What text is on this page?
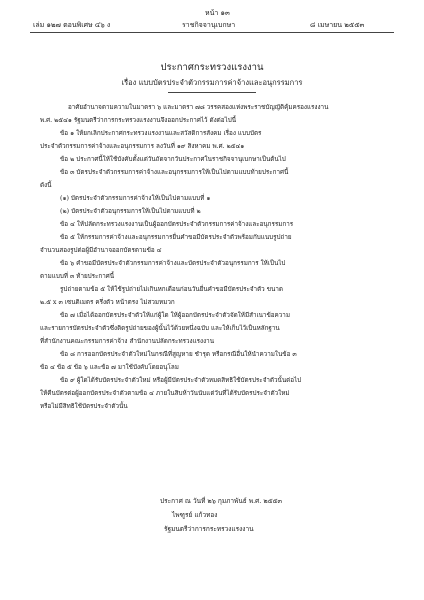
หน้า ๑๓
เล่ม ๑๒๗ ตอนพิเศษ ๔๖ ง	ราชกิจจานุเบกษา	๘ เมษายน ๒๕๕๓
ประกาศกระทรวงแรงงาน
เรื่อง แบบบัตรประจำตัวกรรมการค่าจ้างและอนุกรรมการ
อาศัยอำนาจตามความในมาตรา ๖ และมาตรา ๗๘ วรรคสองแห่งพระราชบัญญัติคุ้มครองแรงงาน
พ.ศ. ๒๕๔๑ รัฐมนตรีว่าการกระทรวงแรงงานจึงออกประกาศไว้ ดังต่อไปนี้
ข้อ ๑ ให้ยกเลิกประกาศกระทรวงแรงงานและสวัสดิการสังคม เรื่อง แบบบัตร
ประจำตัวกรรมการค่าจ้างและอนุกรรมการ ลงวันที่ ๑๙ สิงหาคม พ.ศ. ๒๕๔๑
ข้อ ๒ ประกาศนี้ให้ใช้บังคับตั้งแต่วันถัดจากวันประกาศในราชกิจจานุเบกษาเป็นต้นไป
ข้อ ๓ บัตรประจำตัวกรรมการค่าจ้างและอนุกรรมการให้เป็นไปตามแบบท้ายประกาศนี้
ดังนี้
(๑) บัตรประจำตัวกรรมการค่าจ้างให้เป็นไปตามแบบที่ ๑
(๒) บัตรประจำตัวอนุกรรมการให้เป็นไปตามแบบที่ ๒
ข้อ ๔ ให้ปลัดกระทรวงแรงงานเป็นผู้ออกบัตรประจำตัวกรรมการค่าจ้างและอนุกรรมการ
ข้อ ๕ ให้กรรมการค่าจ้างและอนุกรรมการยื่นคำขอมีบัตรประจำตัวพร้อมกับแนบรูปถ่าย
จำนวนสองรูปต่อผู้มีอำนาจออกบัตรตามข้อ ๔
ข้อ ๖ คำขอมีบัตรประจำตัวกรรมการค่าจ้างและบัตรประจำตัวอนุกรรมการ ให้เป็นไป
ตามแบบที่ ๓ ท้ายประกาศนี้
รูปถ่ายตามข้อ ๕ ให้ใช้รูปถ่ายไม่เกินหกเดือนก่อนวันยื่นคำขอมีบัตรประจำตัว ขนาด
๒.๕ x ๓ เซนติเมตร ครึ่งตัว หน้าตรง ไม่สวมหมวก
ข้อ ๗ เมื่อได้ออกบัตรประจำตัวให้แก่ผู้ใด ให้ผู้ออกบัตรประจำตัวจัดให้มีสำเนาข้อความ
และรายการบัตรประจำตัวซึ่งติดรูปถ่ายของผู้นั้นไว้ด้วยหนึ่งฉบับ และให้เก็บไว้เป็นหลักฐาน
ที่สำนักงานคณะกรรมการค่าจ้าง สำนักงานปลัดกระทรวงแรงงาน
ข้อ ๘ การออกบัตรประจำตัวใหม่ในกรณีที่สูญหาย ชำรุด หรือกรณีอื่นให้นำความในข้อ ๓
ข้อ ๔ ข้อ ๕ ข้อ ๖ และข้อ ๗ มาใช้บังคับโดยอนุโลม
ข้อ ๙ ผู้ใดได้รับบัตรประจำตัวใหม่ หรือผู้มีบัตรประจำตัวหมดสิทธิใช้บัตรประจำตัวนั้นต่อไป
ให้คืนบัตรต่อผู้ออกบัตรประจำตัวตามข้อ ๔ ภายในสิบห้าวันนับแต่วันที่ได้รับบัตรประจำตัวใหม่
หรือไม่มีสิทธิใช้บัตรประจำตัวนั้น
ประกาศ ณ วันที่ ๒๖ กุมภาพันธ์ พ.ศ. ๒๕๕๓
ไพฑูรย์ แก้วทอง
รัฐมนตรีว่าการกระทรวงแรงงาน
